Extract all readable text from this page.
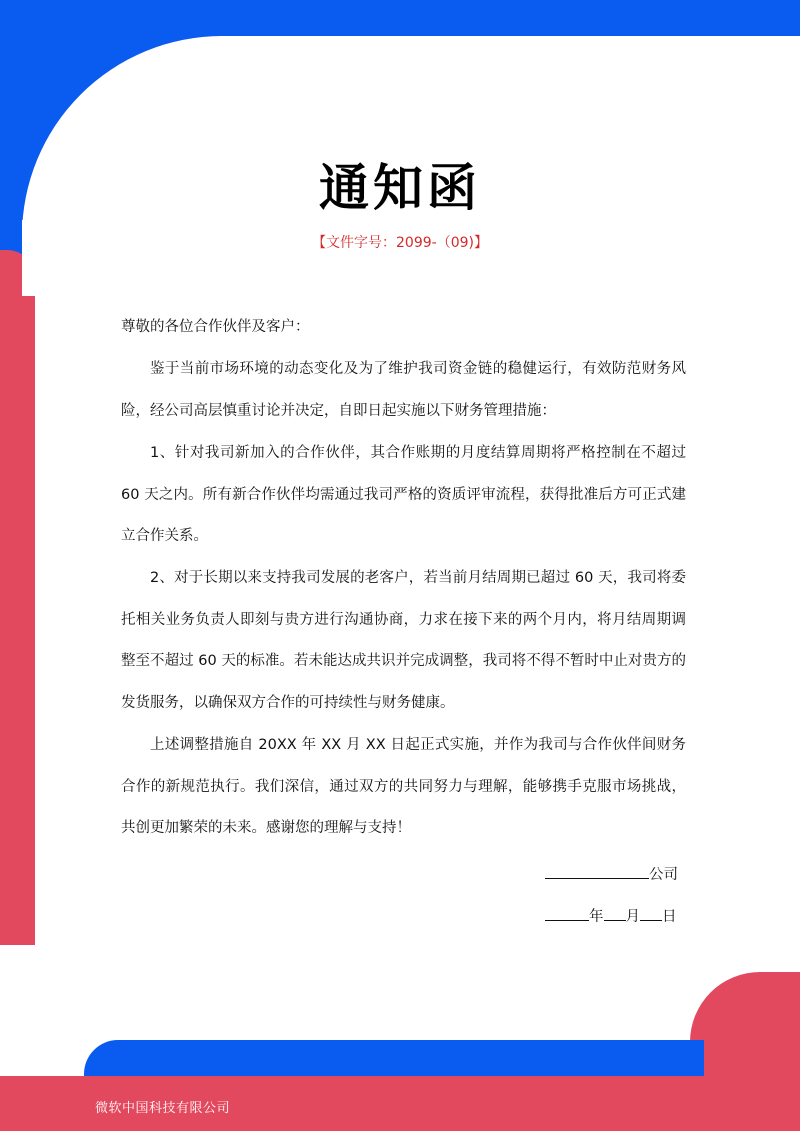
微软中国科技有限公司
通知函
【文件字号：2099-（09)】

尊敬的各位合作伙伴及客户：

鉴于当前市场环境的动态变化及为了维护我司资金链的稳健运行，有效防范财务风险，经公司高层慎重讨论并决定，自即日起实施以下财务管理措施：

1、针对我司新加入的合作伙伴，其合作账期的月度结算周期将严格控制在不超过 60 天之内。所有新合作伙伴均需通过我司严格的资质评审流程，获得批准后方可正式建立合作关系。

2、对于长期以来支持我司发展的老客户，若当前月结周期已超过 60 天，我司将委托相关业务负责人即刻与贵方进行沟通协商，力求在接下来的两个月内，将月结周期调整至不超过 60 天的标准。若未能达成共识并完成调整，我司将不得不暂时中止对贵方的发货服务，以确保双方合作的可持续性与财务健康。

上述调整措施自 20XX 年 XX 月 XX 日起正式实施，并作为我司与合作伙伴间财务合作的新规范执行。我们深信，通过双方的共同努力与理解，能够携手克服市场挑战，共创更加繁荣的未来。感谢您的理解与支持！

公司
年 月 日
